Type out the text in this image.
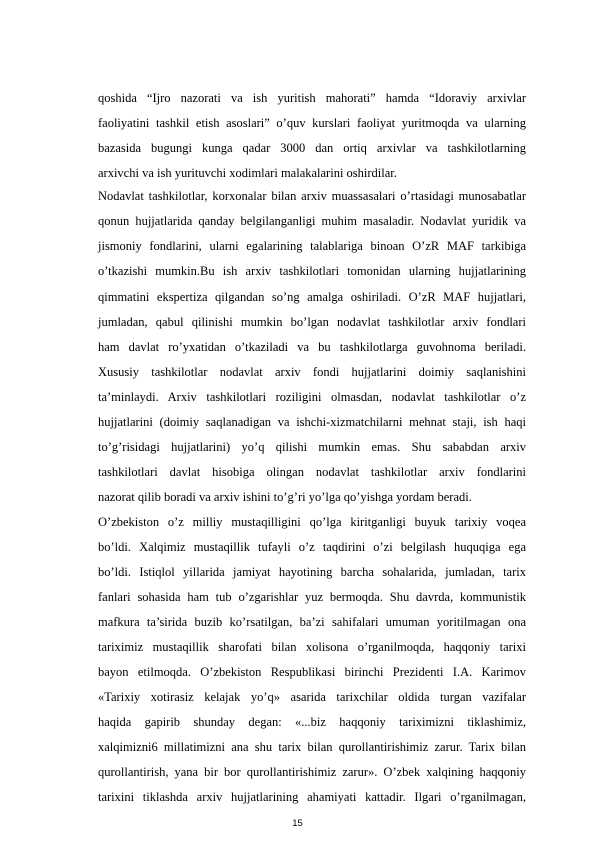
qoshida “Ijro nazorati va ish yuritish mahorati” hamda “Idoraviy arxivlar
faoliyatini tashkil etish asoslari” o’quv kurslari faoliyat yuritmoqda va ularning
bazasida bugungi kunga qadar 3000 dan ortiq arxivlar va tashkilotlarning
arxivchi va ish yurituvchi xodimlari malakalarini oshirdilar.
Nodavlat tashkilotlar, korxonalar bilan arxiv muassasalari o’rtasidagi munosabatlar
qonun hujjatlarida qanday belgilanganligi muhim masaladir. Nodavlat yuridik va
jismoniy fondlarini, ularni egalarining talablariga binoan O’zR MAF tarkibiga
o’tkazishi mumkin.Bu ish arxiv tashkilotlari tomonidan ularning hujjatlarining
qimmatini ekspertiza qilgandan so’ng amalga oshiriladi. O’zR MAF hujjatlari,
jumladan, qabul qilinishi mumkin bo’lgan nodavlat tashkilotlar arxiv fondlari
ham davlat ro’yxatidan o’tkaziladi va bu tashkilotlarga guvohnoma beriladi.
Xususiy tashkilotlar nodavlat arxiv fondi hujjatlarini doimiy saqlanishini
ta’minlaydi. Arxiv tashkilotlari roziligini olmasdan, nodavlat tashkilotlar o’z
hujjatlarini (doimiy saqlanadigan va ishchi-xizmatchilarni mehnat staji, ish haqi
to’g’risidagi hujjatlarini) yo’q qilishi mumkin emas. Shu sababdan arxiv
tashkilotlari davlat hisobiga olingan nodavlat tashkilotlar arxiv fondlarini
nazorat qilib boradi va arxiv ishini to’g’ri yo’lga qo’yishga yordam beradi.
O’zbekiston o’z milliy mustaqilligini qo’lga kiritganligi buyuk tarixiy voqea
bo’ldi. Xalqimiz mustaqillik tufayli o’z taqdirini o’zi belgilash huquqiga ega
bo’ldi. Istiqlol yillarida jamiyat hayotining barcha sohalarida, jumladan, tarix
fanlari sohasida ham tub o’zgarishlar yuz bermoqda. Shu davrda, kommunistik
mafkura ta’sirida buzib ko’rsatilgan, ba’zi sahifalari umuman yoritilmagan ona
tariximiz mustaqillik sharofati bilan xolisona o’rganilmoqda, haqqoniy tarixi
bayon etilmoqda. O’zbekiston Respublikasi birinchi Prezidenti I.A. Karimov
«Tarixiy xotirasiz kelajak yo’q» asarida tarixchilar oldida turgan vazifalar
haqida gapirib shunday degan: «...biz haqqoniy tariximizni tiklashimiz,
xalqimizni6 millatimizni ana shu tarix bilan qurollantirishimiz zarur. Tarix bilan
qurollantirish, yana bir bor qurollantirishimiz zarur». O’zbek xalqining haqqoniy
tarixini tiklashda arxiv hujjatlarining ahamiyati kattadir. Ilgari o’rganilmagan,
15
